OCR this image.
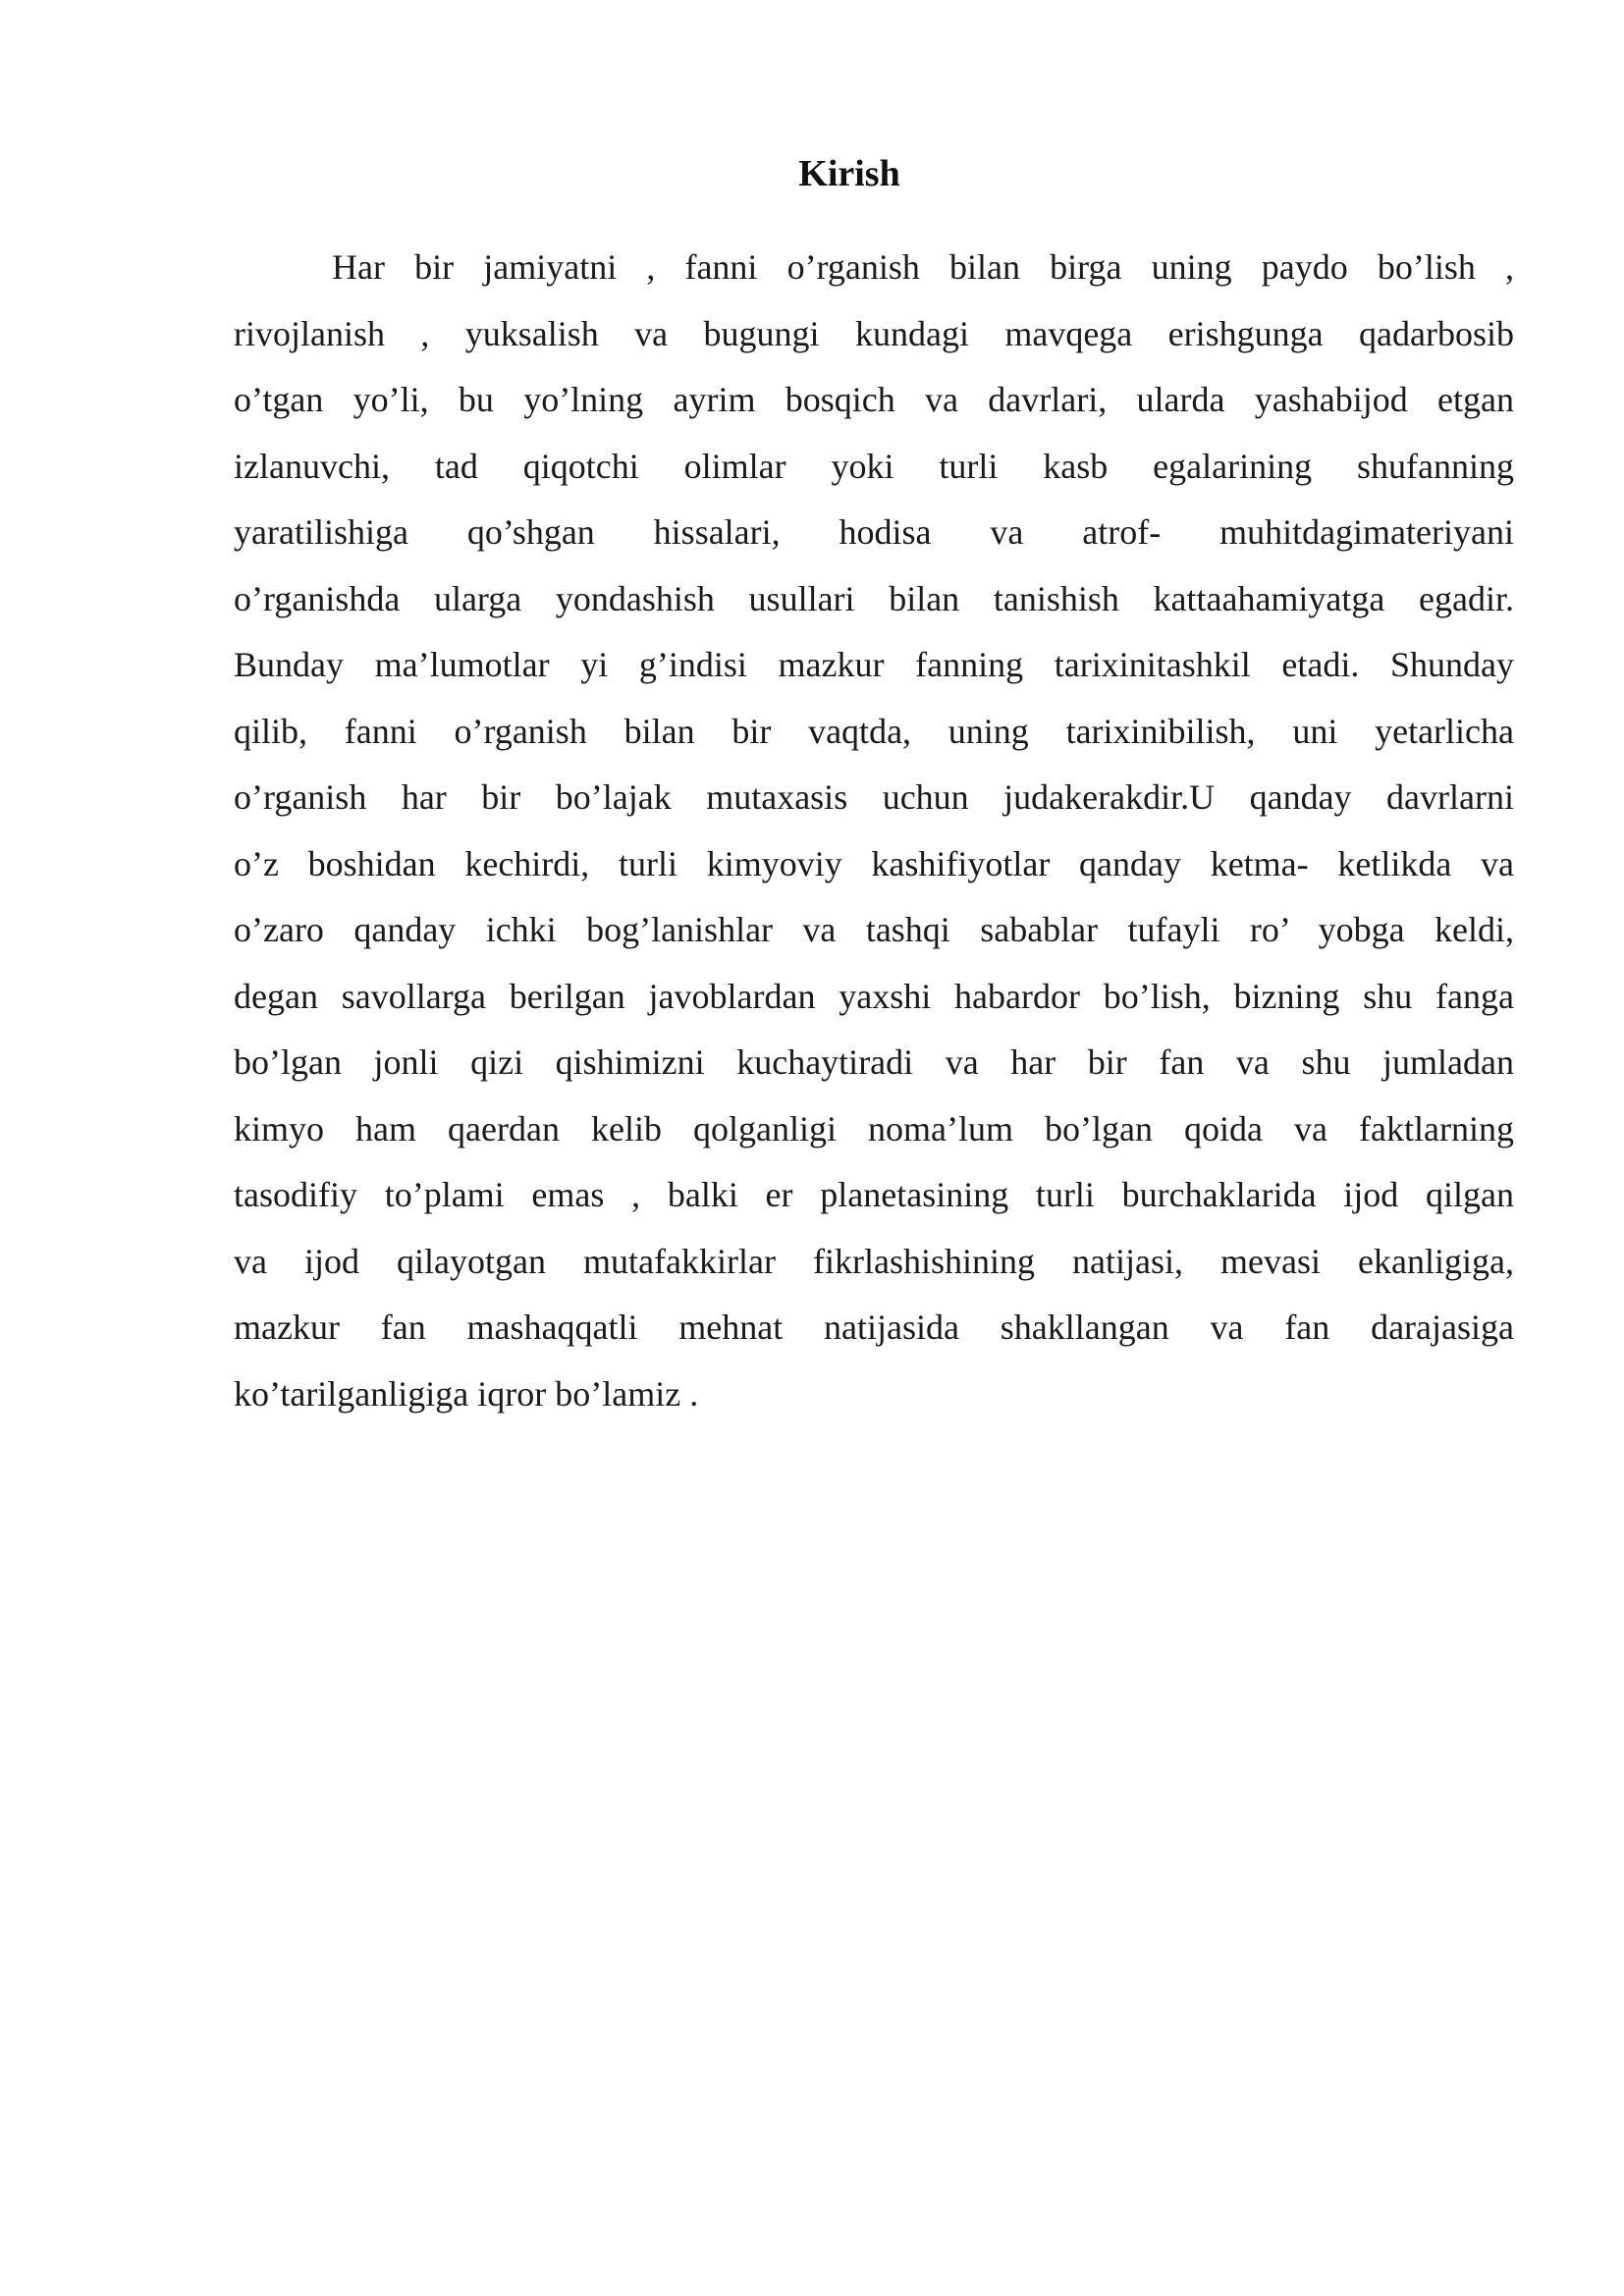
Kirish
Har bir jamiyatni , fanni o’rganish bilan birga uning paydo bo’lish ,
rivojlanish , yuksalish va bugungi kundagi mavqega erishgunga qadarbosib
o’tgan yo’li, bu yo’lning ayrim bosqich va davrlari, ularda yashabijod etgan
izlanuvchi, tad qiqotchi olimlar yoki turli kasb egalarining shufanning
yaratilishiga qo’shgan hissalari, hodisa va atrof- muhitdagimateriyani
o’rganishda ularga yondashish usullari bilan tanishish kattaahamiyatga egadir.
Bunday ma’lumotlar yi g’indisi mazkur fanning tarixinitashkil etadi. Shunday
qilib, fanni o’rganish bilan bir vaqtda, uning tarixinibilish, uni yetarlicha
o’rganish har bir bo’lajak mutaxasis uchun judakerakdir.U qanday davrlarni
o’z boshidan kechirdi, turli kimyoviy kashifiyotlar qanday ketma- ketlikda va
o’zaro qanday ichki bog’lanishlar va tashqi sabablar tufayli ro’ yobga keldi,
degan savollarga berilgan javoblardan yaxshi habardor bo’lish, bizning shu fanga
bo’lgan jonli qizi qishimizni kuchaytiradi va har bir fan va shu jumladan
kimyo ham qaerdan kelib qolganligi noma’lum bo’lgan qoida va faktlarning
tasodifiy to’plami emas , balki er planetasining turli burchaklarida ijod qilgan
va ijod qilayotgan mutafakkirlar fikrlashishining natijasi, mevasi ekanligiga,
mazkur fan mashaqqatli mehnat natijasida shakllangan va fan darajasiga
ko’tarilganligiga iqror bo’lamiz .
